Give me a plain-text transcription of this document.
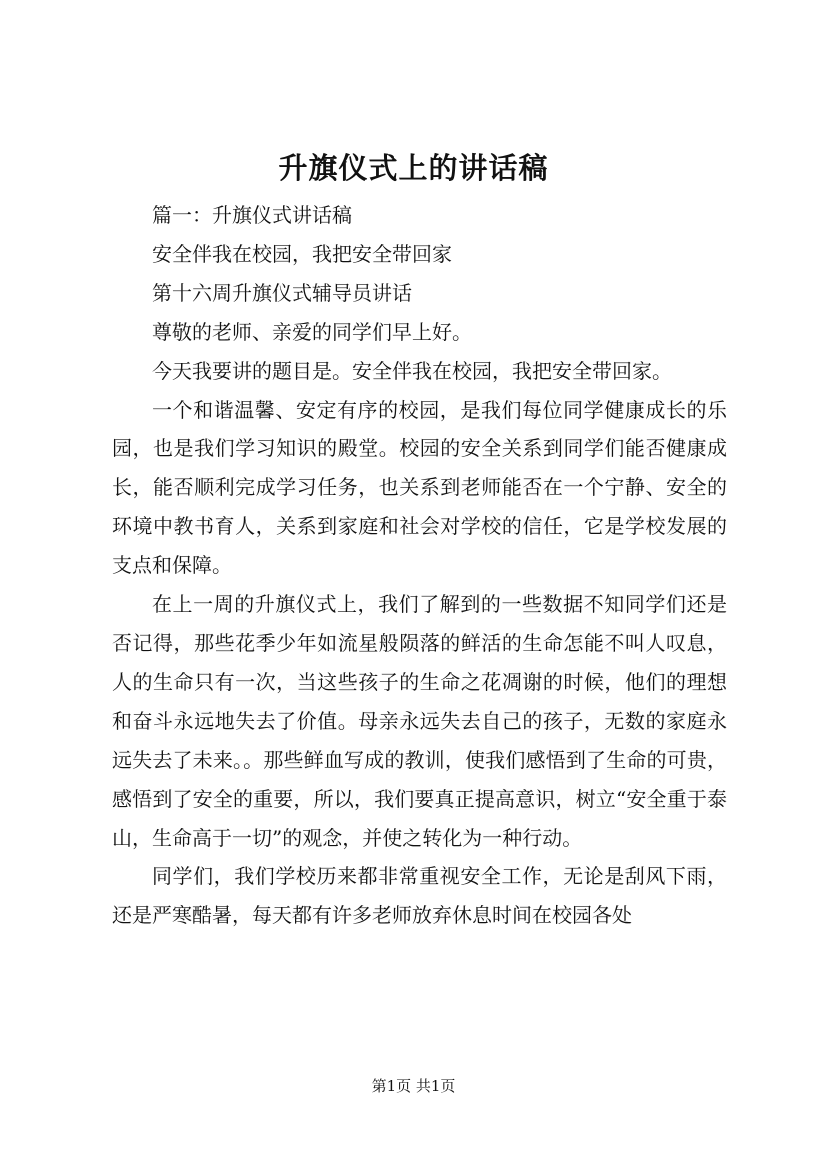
升旗仪式上的讲话稿

篇一：升旗仪式讲话稿

安全伴我在校园，我把安全带回家

第十六周升旗仪式辅导员讲话

尊敬的老师、亲爱的同学们早上好。

今天我要讲的题目是。安全伴我在校园，我把安全带回家。

一个和谐温馨、安定有序的校园，是我们每位同学健康成长的乐园，也是我们学习知识的殿堂。校园的安全关系到同学们能否健康成长，能否顺利完成学习任务，也关系到老师能否在一个宁静、安全的环境中教书育人，关系到家庭和社会对学校的信任，它是学校发展的支点和保障。

在上一周的升旗仪式上，我们了解到的一些数据不知同学们还是否记得，那些花季少年如流星般陨落的鲜活的生命怎能不叫人叹息，人的生命只有一次，当这些孩子的生命之花凋谢的时候，他们的理想和奋斗永远地失去了价值。母亲永远失去自己的孩子，无数的家庭永远失去了未来。。那些鲜血写成的教训，使我们感悟到了生命的可贵，感悟到了安全的重要，所以，我们要真正提高意识，树立“安全重于泰山，生命高于一切”的观念，并使之转化为一种行动。

同学们，我们学校历来都非常重视安全工作，无论是刮风下雨，还是严寒酷暑，每天都有许多老师放弃休息时间在校园各处

第1页 共1页
